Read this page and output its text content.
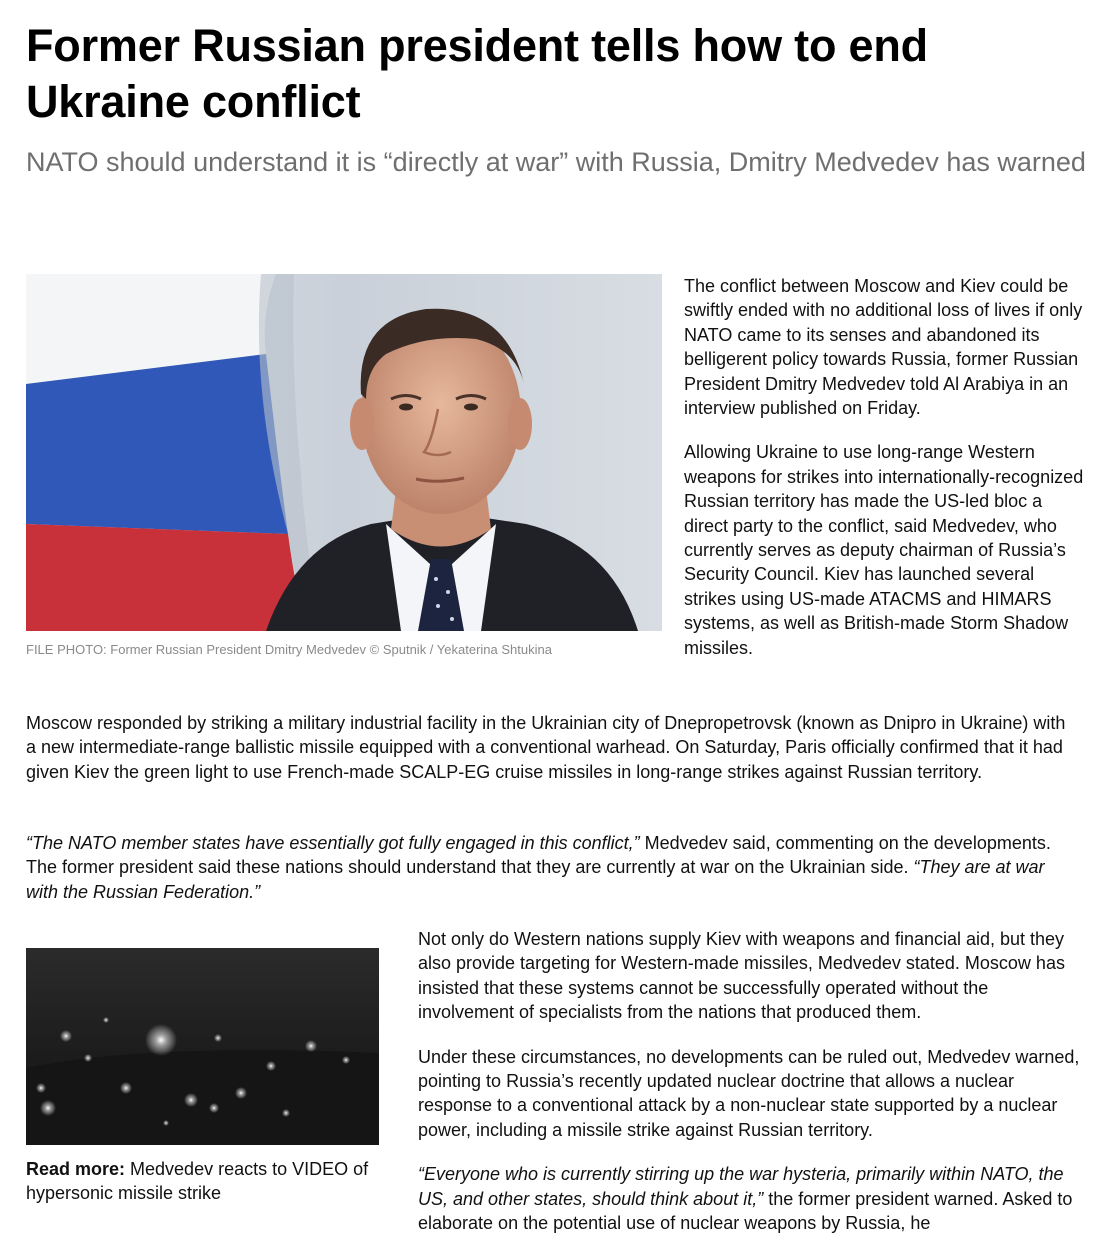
Former Russian president tells how to end Ukraine conflict
NATO should understand it is “directly at war” with Russia, Dmitry Medvedev has warned
FILE PHOTO: Former Russian President Dmitry Medvedev © Sputnik / Yekaterina Shtukina

The conflict between Moscow and Kiev could be swiftly ended with no additional loss of lives if only NATO came to its senses and abandoned its belligerent policy towards Russia, former Russian President Dmitry Medvedev told Al Arabiya in an interview published on Friday.

Allowing Ukraine to use long-range Western weapons for strikes into internationally-recognized Russian territory has made the US-led bloc a direct party to the conflict, said Medvedev, who currently serves as deputy chairman of Russia’s Security Council. Kiev has launched several strikes using US-made ATACMS and HIMARS systems, as well as British-made Storm Shadow missiles.

Moscow responded by striking a military industrial facility in the Ukrainian city of Dnepropetrovsk (known as Dnipro in Ukraine) with a new intermediate-range ballistic missile equipped with a conventional warhead. On Saturday, Paris officially confirmed that it had given Kiev the green light to use French-made SCALP-EG cruise missiles in long-range strikes against Russian territory.

“The NATO member states have essentially got fully engaged in this conflict,” Medvedev said, commenting on the developments. The former president said these nations should understand that they are currently at war on the Ukrainian side. “They are at war with the Russian Federation.”

Read more: Medvedev reacts to VIDEO of hypersonic missile strike

Not only do Western nations supply Kiev with weapons and financial aid, but they also provide targeting for Western-made missiles, Medvedev stated. Moscow has insisted that these systems cannot be successfully operated without the involvement of specialists from the nations that produced them.

Under these circumstances, no developments can be ruled out, Medvedev warned, pointing to Russia’s recently updated nuclear doctrine that allows a nuclear response to a conventional attack by a non-nuclear state supported by a nuclear power, including a missile strike against Russian territory.

“Everyone who is currently stirring up the war hysteria, primarily within NATO, the US, and other states, should think about it,” the former president warned. Asked to elaborate on the potential use of nuclear weapons by Russia, he
